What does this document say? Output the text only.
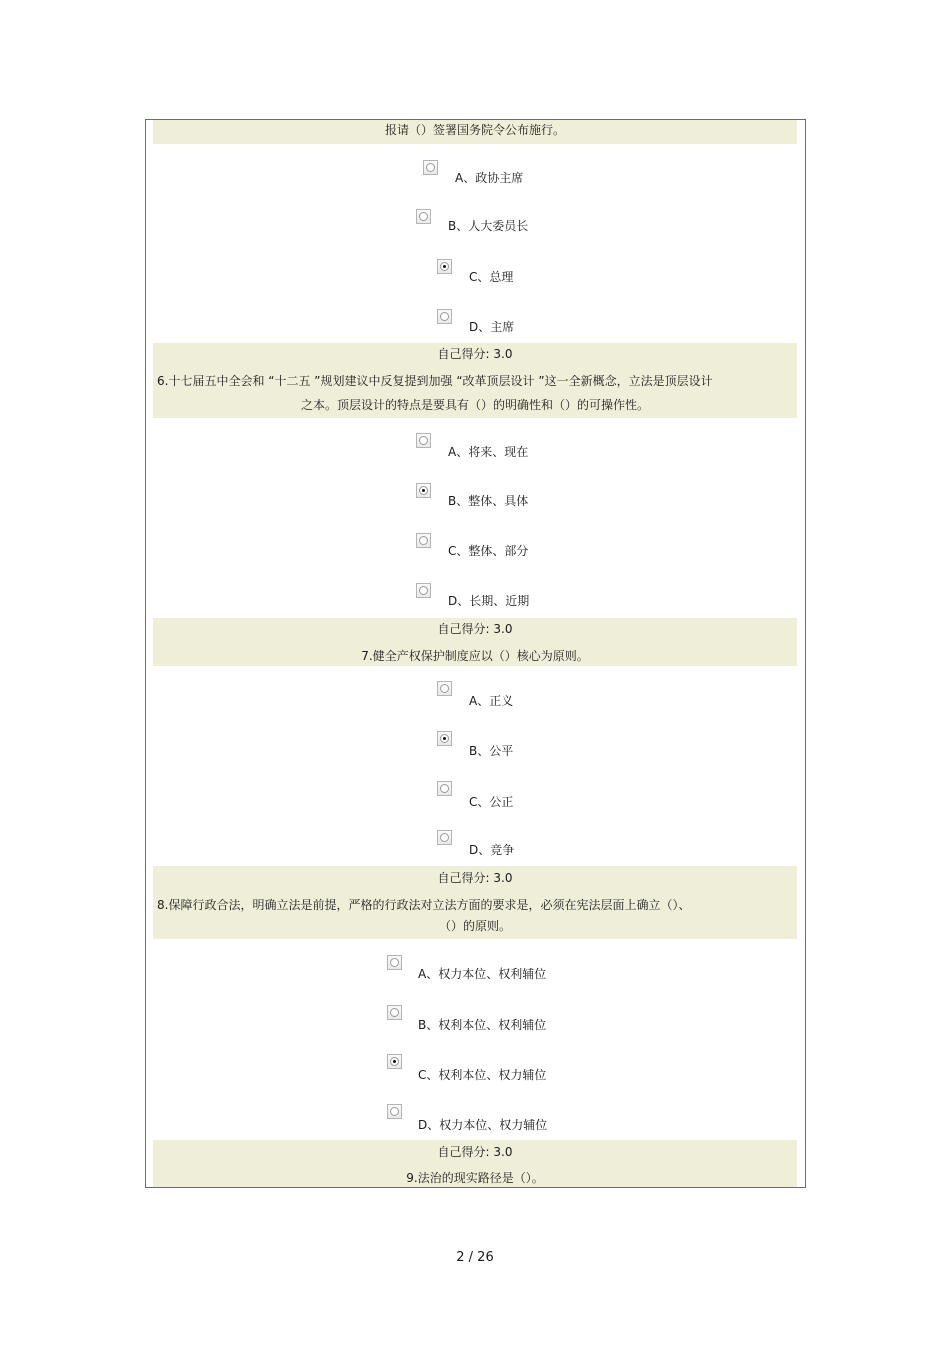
报请（）签署国务院令公布施行。
A、政协主席
B、人大委员长
C、总理
D、主席
自己得分: 3.0
6.十七届五中全会和 “十二五 ”规划建议中反复提到加强 “改革顶层设计 ”这一全新概念，立法是顶层设计
之本。顶层设计的特点是要具有（）的明确性和（）的可操作性。
A、将来、现在
B、整体、具体
C、整体、部分
D、长期、近期
自己得分: 3.0
7.健全产权保护制度应以（）核心为原则。
A、正义
B、公平
C、公正
D、竞争
自己得分: 3.0
8.保障行政合法，明确立法是前提，严格的行政法对立法方面的要求是，必须在宪法层面上确立（）、
（）的原则。
A、权力本位、权利辅位
B、权利本位、权利辅位
C、权利本位、权力辅位
D、权力本位、权力辅位
自己得分: 3.0
9.法治的现实路径是（）。
2 / 26
